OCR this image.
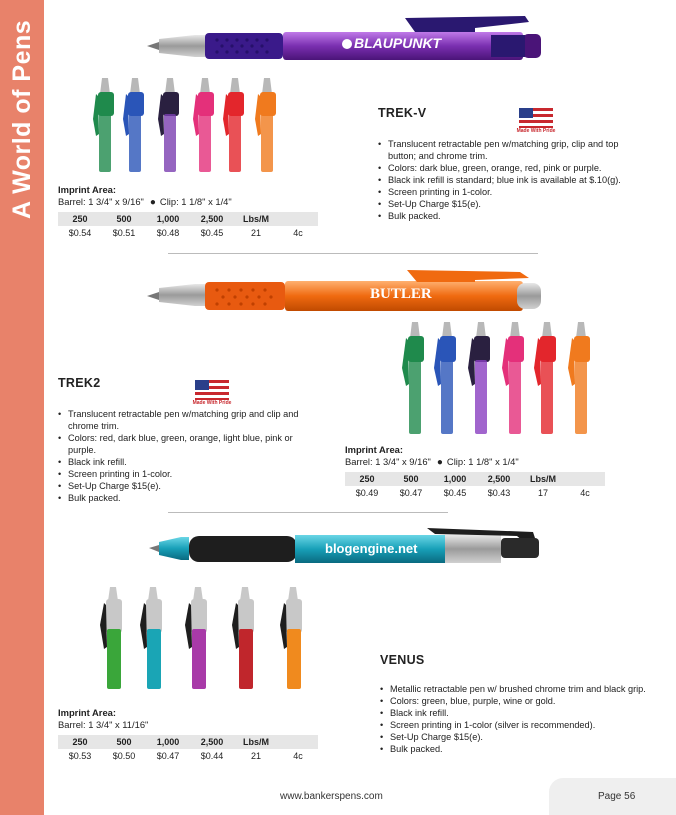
A World of Pens	BLAUPUNKT
TREK-V
Made With Pride
• Translucent retractable pen w/matching grip, clip and top button; and chrome trim.
• Colors: dark blue, green, orange, red, pink or purple.
• Black ink refill is standard; blue ink is available at $.10(g).
• Screen printing in 1-color.
• Set-Up Charge $15(e).
• Bulk packed.
Imprint Area:
Barrel: 1 3/4" x 9/16" ● Clip: 1 1/8" x 1/4"
250	500	1,000	2,500	Lbs/M
$0.54	$0.51	$0.48	$0.45	21	4c
BUTLER
TREK2
Made With Pride
• Translucent retractable pen w/matching grip and clip and chrome trim.
• Colors: red, dark blue, green, orange, light blue, pink or purple.
• Black ink refill.
• Screen printing in 1-color.
• Set-Up Charge $15(e).
• Bulk packed.
Imprint Area:
Barrel: 1 3/4" x 9/16" ● Clip: 1 1/8" x 1/4"
250	500	1,000	2,500	Lbs/M
$0.49	$0.47	$0.45	$0.43	17	4c
blogengine.net
VENUS
• Metallic retractable pen w/ brushed chrome trim and black grip.
• Colors: green, blue, purple, wine or gold.
• Black ink refill.
• Screen printing in 1-color (silver is recommended).
• Set-Up Charge $15(e).
• Bulk packed.
Imprint Area:
Barrel: 1 3/4" x 11/16"
250	500	1,000	2,500	Lbs/M
$0.53	$0.50	$0.47	$0.44	21	4c
www.bankerspens.com	Page 56
